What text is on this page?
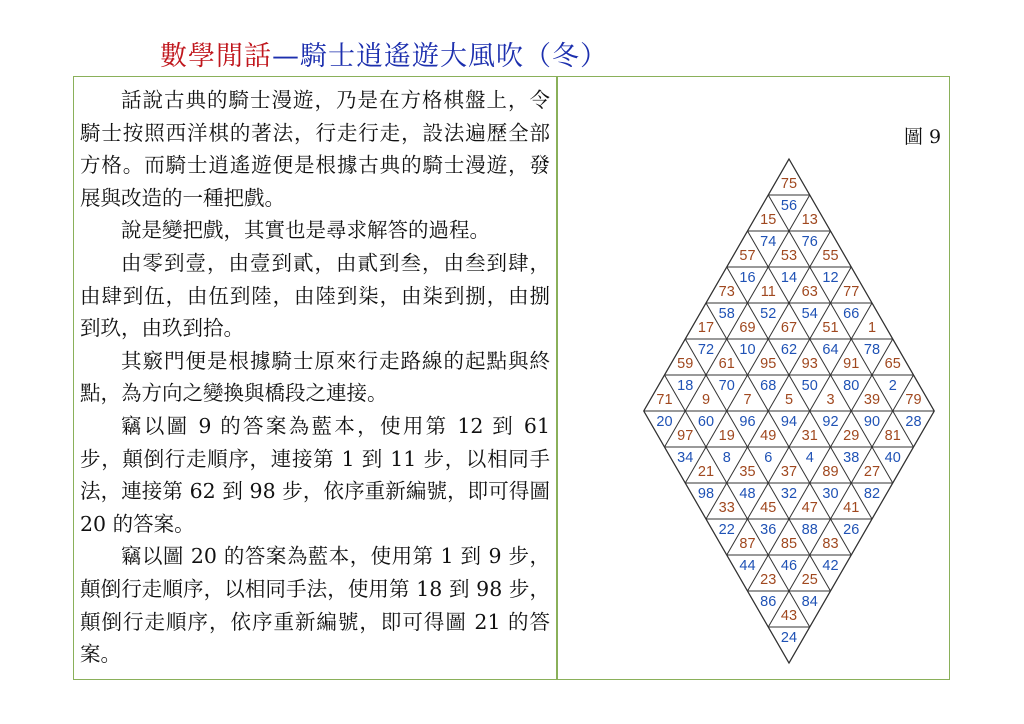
數學閒話—騎士逍遙遊大風吹（冬）

話說古典的騎士漫遊，乃是在方格棋盤上，令騎士按照西洋棋的著法，行走行走，設法遍歷全部方格。而騎士逍遙遊便是根據古典的騎士漫遊，發展與改造的一種把戲。

說是變把戲，其實也是尋求解答的過程。

由零到壹，由壹到貳，由貳到叁，由叁到肆，由肆到伍，由伍到陸，由陸到柒，由柒到捌，由捌到玖，由玖到拾。

其竅門便是根據騎士原來行走路線的起點與終點，為方向之變換與橋段之連接。

竊以圖 9 的答案為藍本，使用第 12 到 61 步，顛倒行走順序，連接第 1 到 11 步，以相同手法，連接第 62 到 98 步，依序重新編號，即可得圖 20 的答案。

竊以圖 20 的答案為藍本，使用第 1 到 9 步，顛倒行走順序，以相同手法，使用第 18 到 98 步，顛倒行走順序，依序重新編號，即可得圖 21 的答案。

圖 9
75
56
15 13
74 76
57 53 55
16 14 12
73 11 63 77
58 52 54 66
17 69 67 51 1
72 10 62 64 78
59 61 95 93 91 65
18 70 68 50 80 2
71 9 7 5 3 39 79
20 60 96 94 92 90 28
97 19 49 31 29 81
34 8 6 4 38 40
21 35 37 89 27
98 48 32 30 82
33 45 47 41
22 36 88 26
87 85 83
44 46 42
23 25
86 84
43
24
